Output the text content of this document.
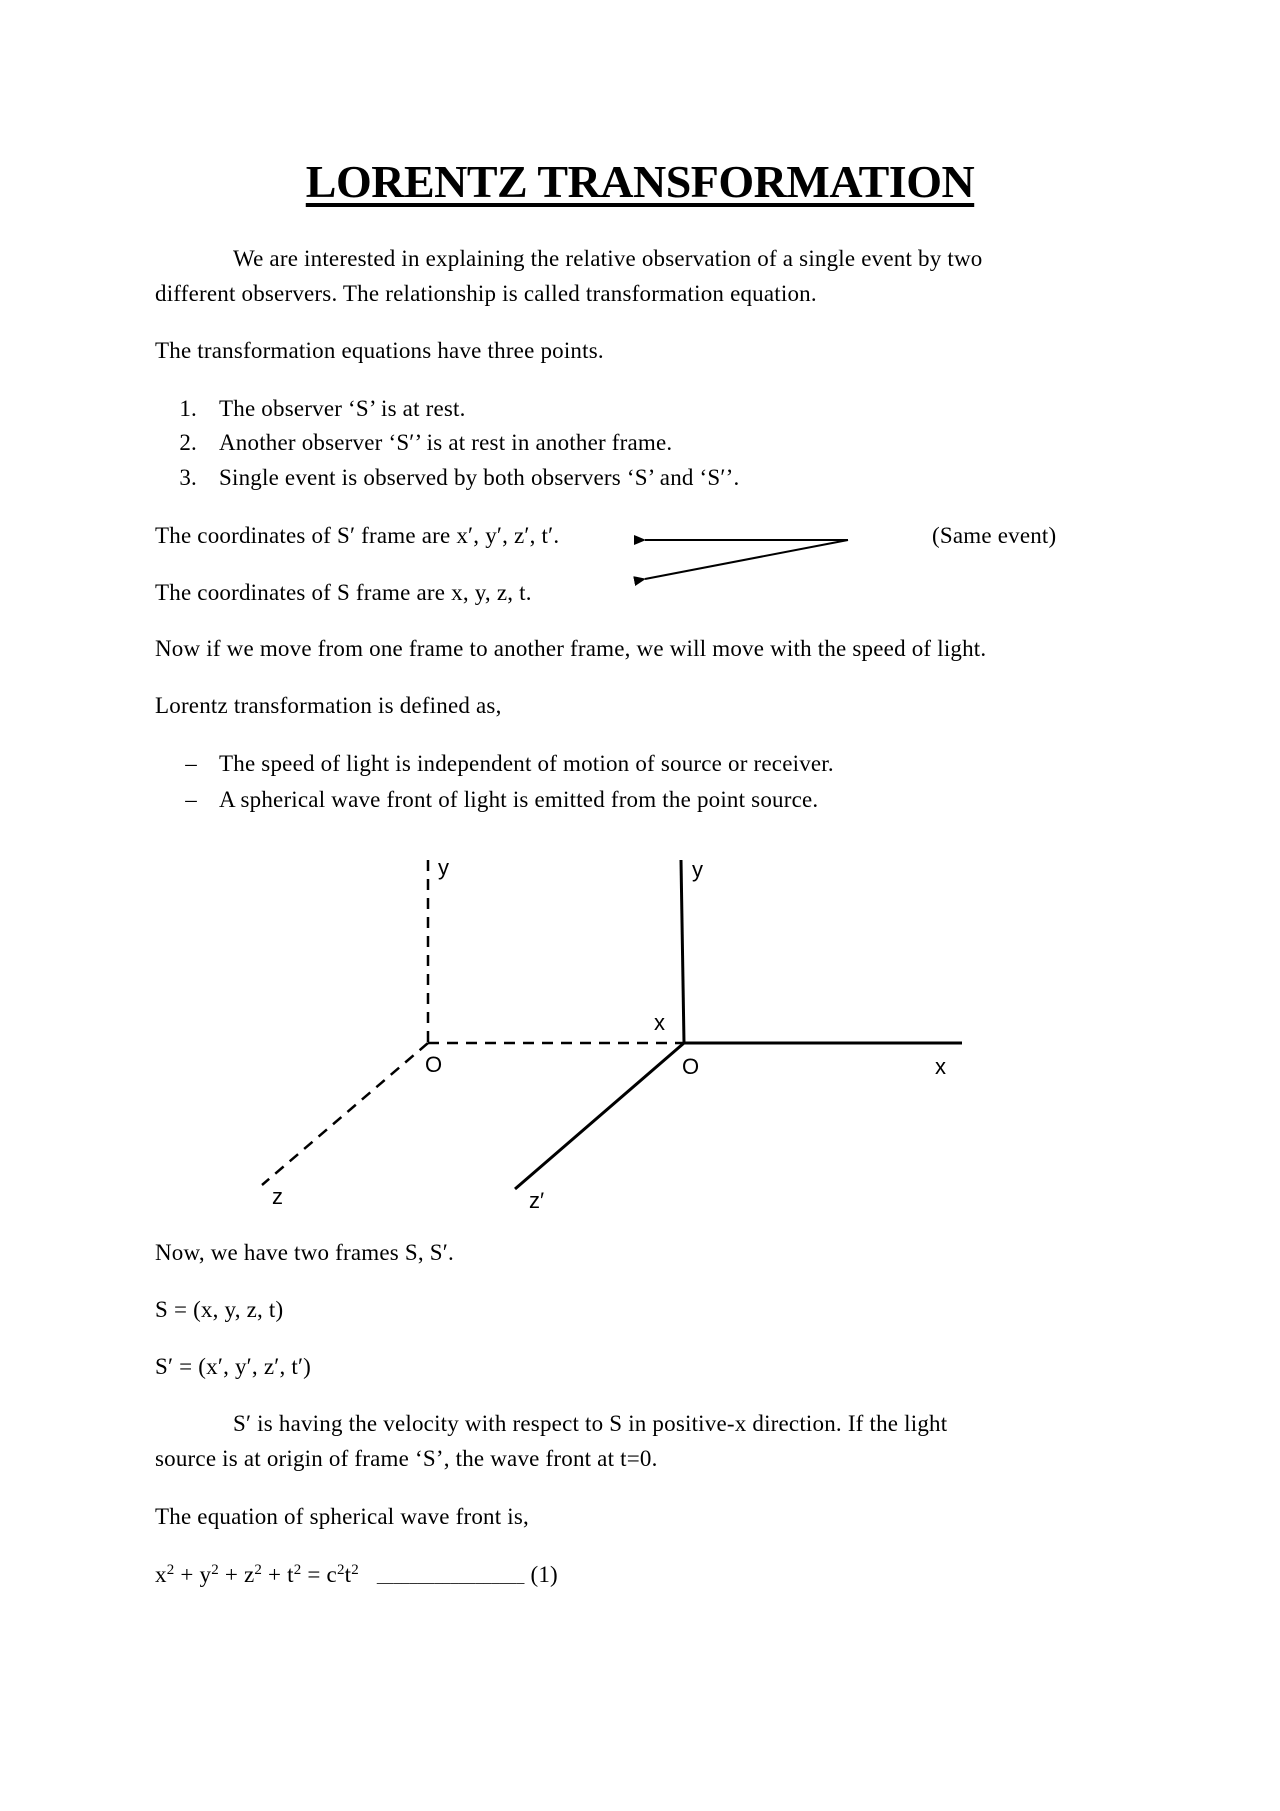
LORENTZ TRANSFORMATION
We are interested in explaining the relative observation of a single event by two
different observers. The relationship is called transformation equation.
The transformation equations have three points.
1. The observer ‘S’ is at rest.
2. Another observer ‘S′’ is at rest in another frame.
3. Single event is observed by both observers ‘S’ and ‘S′’.
The coordinates of S′ frame are x′, y′, z′, t′.	(Same event)
The coordinates of S frame are x, y, z, t.
Now if we move from one frame to another frame, we will move with the speed of light.
Lorentz transformation is defined as,
– The speed of light is independent of motion of source or receiver.
– A spherical wave front of light is emitted from the point source.
y
O
z
y
x
O	x
z′
Now, we have two frames S, S′.
S = (x, y, z, t)
S′ = (x′, y′, z′, t′)
S′ is having the velocity with respect to S in positive-x direction. If the light
source is at origin of frame ‘S’, the wave front at t=0.
The equation of spherical wave front is,
$x^2 + y^2 + z^2 + t^2 = c^2t^2$ __________________ (1)
